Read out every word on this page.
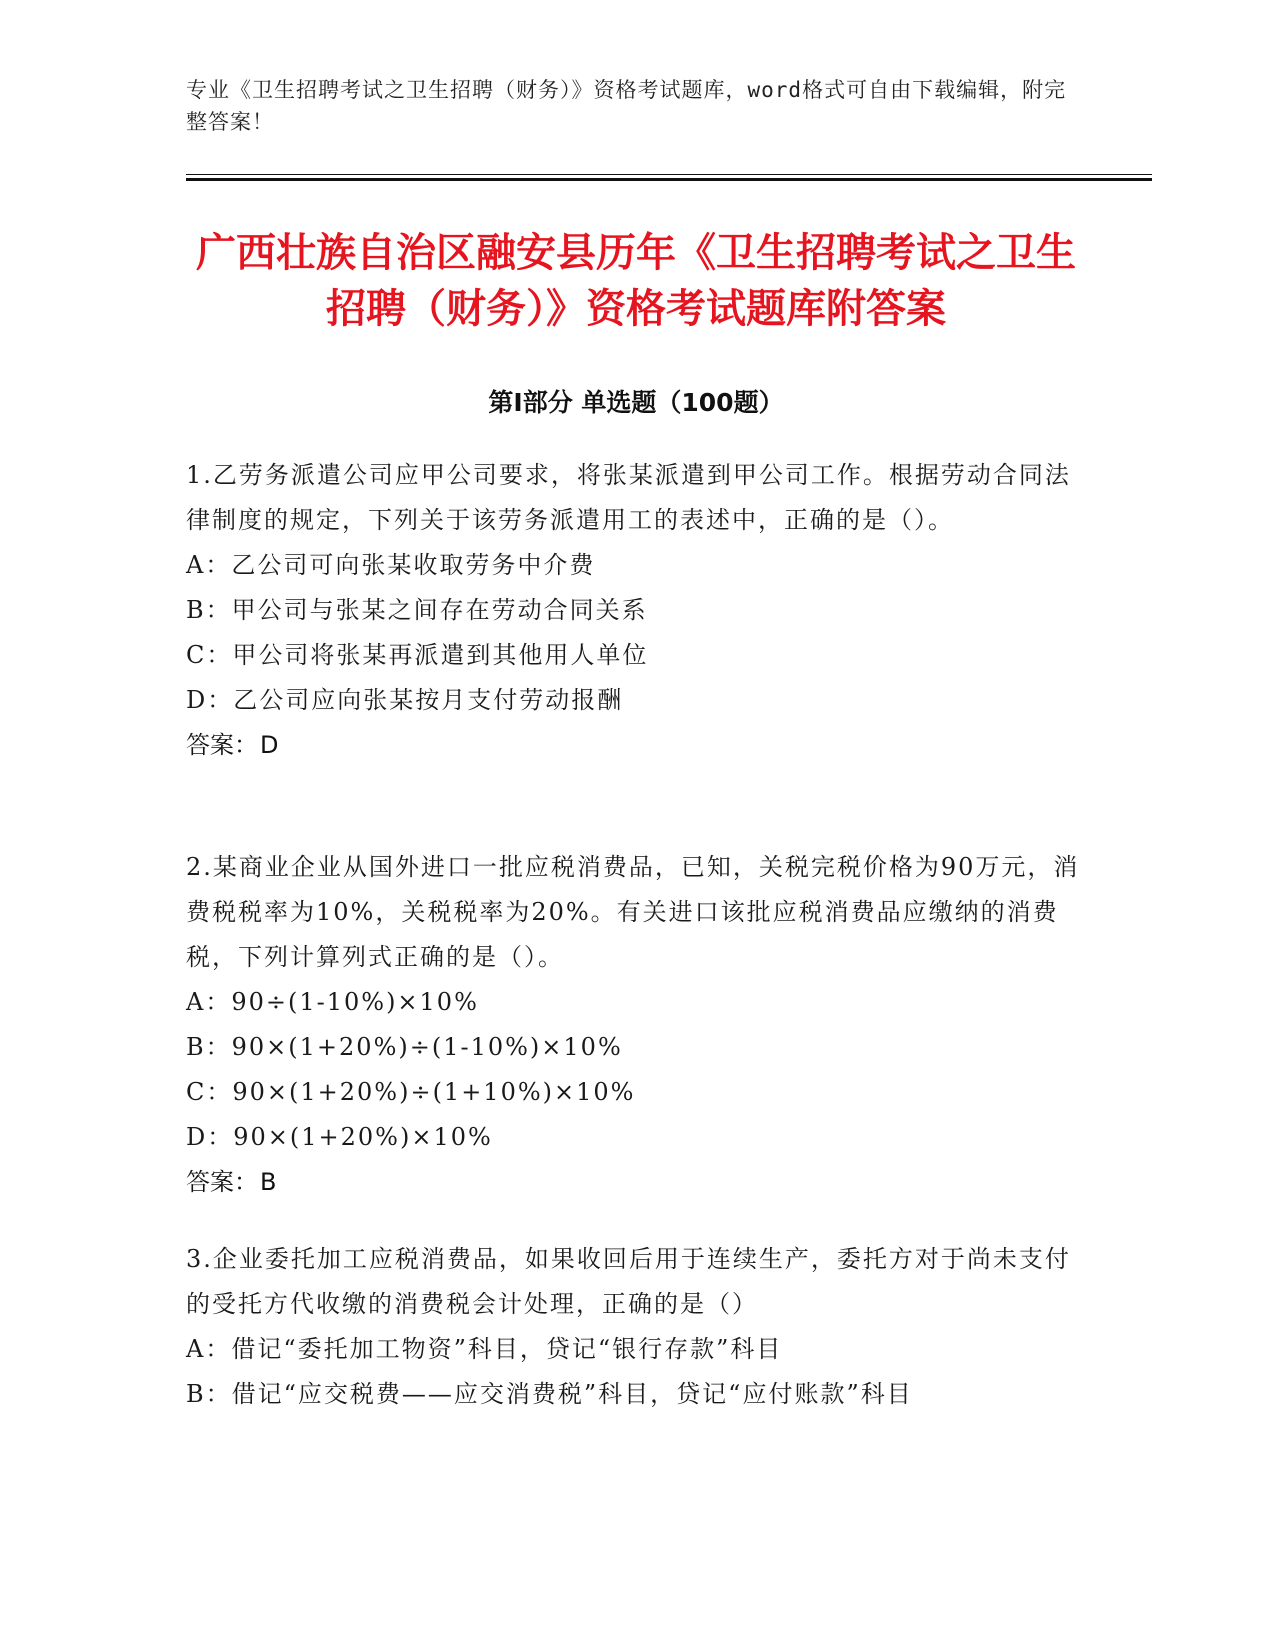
专业《卫生招聘考试之卫生招聘（财务）》资格考试题库，word格式可自由下载编辑，附完整答案！
广西壮族自治区融安县历年《卫生招聘考试之卫生招聘（财务）》资格考试题库附答案
第Ⅰ部分 单选题（100题）
1.乙劳务派遣公司应甲公司要求，将张某派遣到甲公司工作。根据劳动合同法律制度的规定，下列关于该劳务派遣用工的表述中，正确的是（）。
A：乙公司可向张某收取劳务中介费
B：甲公司与张某之间存在劳动合同关系
C：甲公司将张某再派遣到其他用人单位
D：乙公司应向张某按月支付劳动报酬
答案：D
2.某商业企业从国外进口一批应税消费品，已知，关税完税价格为90万元，消费税税率为10%，关税税率为20%。有关进口该批应税消费品应缴纳的消费税，下列计算列式正确的是（）。
A：90÷(1-10%)×10%
B：90×(1+20%)÷(1-10%)×10%
C：90×(1+20%)÷(1+10%)×10%
D：90×(1+20%)×10%
答案：B
3.企业委托加工应税消费品，如果收回后用于连续生产，委托方对于尚未支付的受托方代收缴的消费税会计处理，正确的是（）
A：借记“委托加工物资”科目，贷记“银行存款”科目
B：借记“应交税费——应交消费税”科目，贷记“应付账款”科目
